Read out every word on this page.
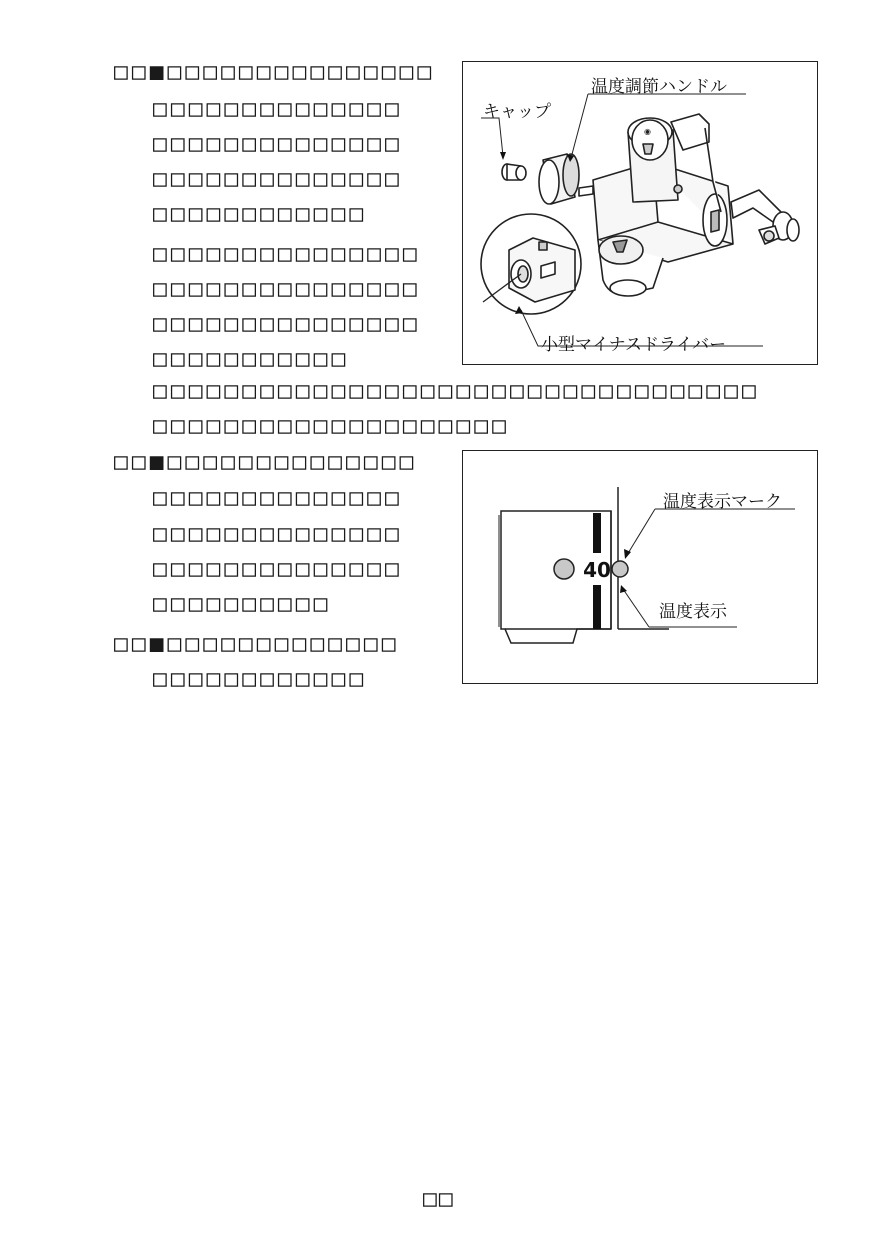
□□■□□□□□□□□□□□□□□□
□□□□□□□□□□□□□□
□□□□□□□□□□□□□□
□□□□□□□□□□□□□□
□□□□□□□□□□□□
□□□□□□□□□□□□□□□
□□□□□□□□□□□□□□□
□□□□□□□□□□□□□□□
□□□□□□□□□□□
□□□□□□□□□□□□□□□□□□□□□□□□□□□□□□□□□□
□□□□□□□□□□□□□□□□□□□□
◉
キャップ
温度調節ハンドル
小型マイナスドライバー
□□■□□□□□□□□□□□□□□
□□□□□□□□□□□□□□
□□□□□□□□□□□□□□
□□□□□□□□□□□□□□
□□□□□□□□□□
40
温度表示マーク
温度表示
□□■□□□□□□□□□□□□□
□□□□□□□□□□□□
□□
